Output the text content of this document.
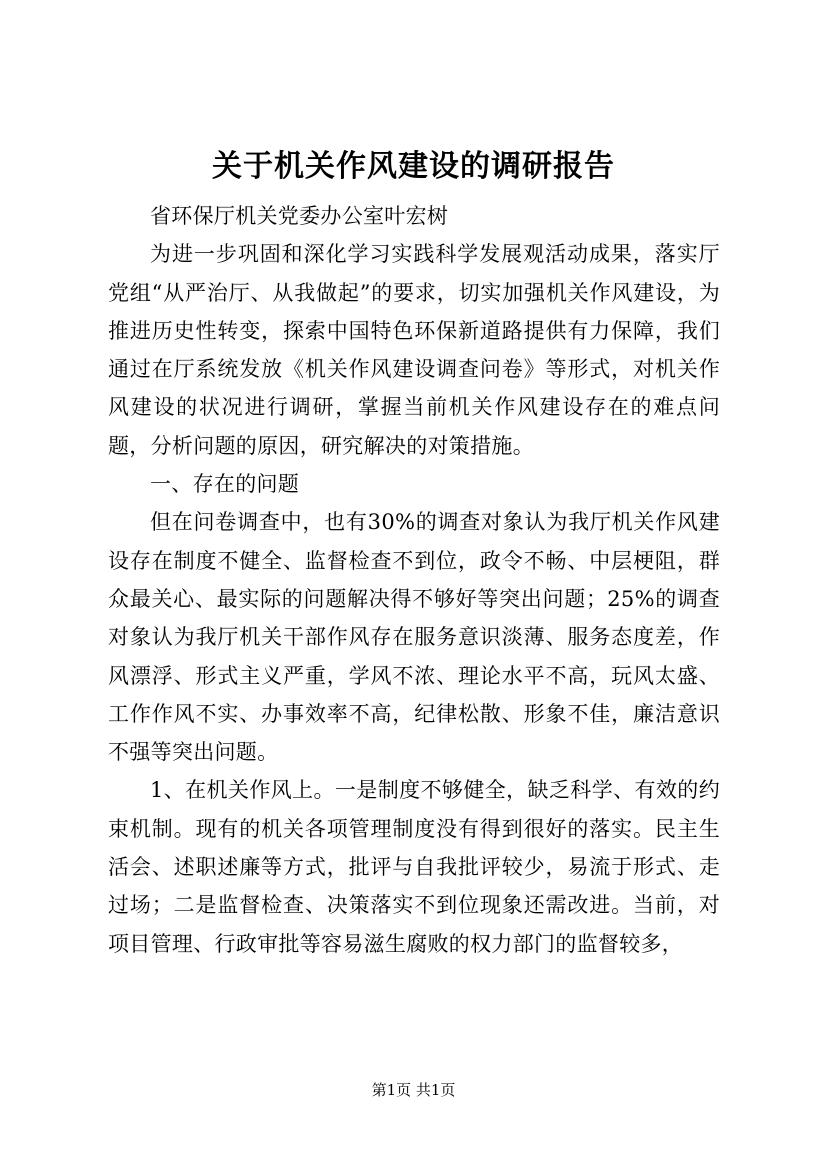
关于机关作风建设的调研报告

省环保厅机关党委办公室叶宏树

为进一步巩固和深化学习实践科学发展观活动成果，落实厅党组“从严治厅、从我做起”的要求，切实加强机关作风建设，为推进历史性转变，探索中国特色环保新道路提供有力保障，我们通过在厅系统发放《机关作风建设调查问卷》等形式，对机关作风建设的状况进行调研，掌握当前机关作风建设存在的难点问题，分析问题的原因，研究解决的对策措施。

一、存在的问题

但在问卷调查中，也有30%的调查对象认为我厅机关作风建设存在制度不健全、监督检查不到位，政令不畅、中层梗阻，群众最关心、最实际的问题解决得不够好等突出问题；25%的调查对象认为我厅机关干部作风存在服务意识淡薄、服务态度差，作风漂浮、形式主义严重，学风不浓、理论水平不高，玩风太盛、工作作风不实、办事效率不高，纪律松散、形象不佳，廉洁意识不强等突出问题。

1、在机关作风上。一是制度不够健全，缺乏科学、有效的约束机制。现有的机关各项管理制度没有得到很好的落实。民主生活会、述职述廉等方式，批评与自我批评较少，易流于形式、走过场；二是监督检查、决策落实不到位现象还需改进。当前，对项目管理、行政审批等容易滋生腐败的权力部门的监督较多，

第1页 共1页
